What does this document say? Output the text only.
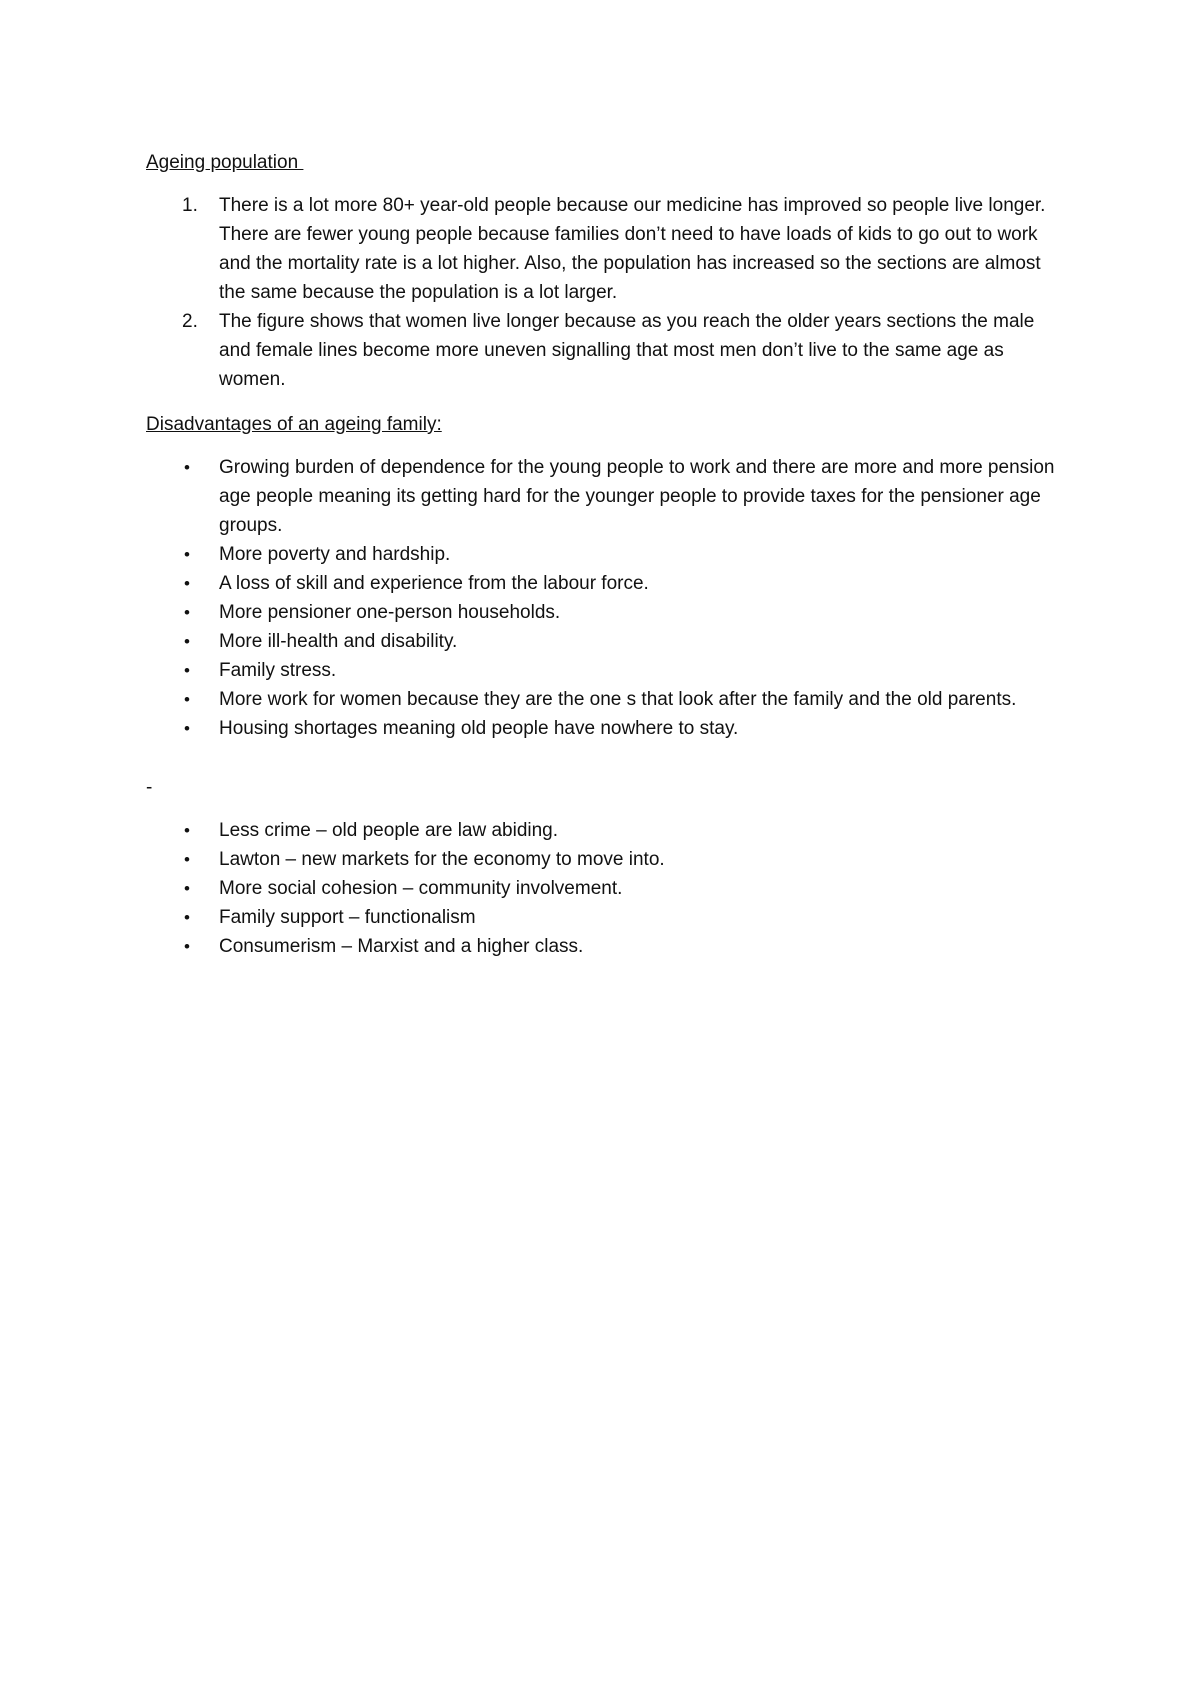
Ageing population
1. There is a lot more 80+ year-old people because our medicine has improved so people live longer. There are fewer young people because families don’t need to have loads of kids to go out to work and the mortality rate is a lot higher. Also, the population has increased so the sections are almost the same because the population is a lot larger.
2. The figure shows that women live longer because as you reach the older years sections the male and female lines become more uneven signalling that most men don’t live to the same age as women.
Disadvantages of an ageing family:
• Growing burden of dependence for the young people to work and there are more and more pension age people meaning its getting hard for the younger people to provide taxes for the pensioner age groups.
• More poverty and hardship.
• A loss of skill and experience from the labour force.
• More pensioner one-person households.
• More ill-health and disability.
• Family stress.
• More work for women because they are the one s that look after the family and the old parents.
• Housing shortages meaning old people have nowhere to stay.
-
• Less crime – old people are law abiding.
• Lawton – new markets for the economy to move into.
• More social cohesion – community involvement.
• Family support – functionalism
• Consumerism – Marxist and a higher class.
